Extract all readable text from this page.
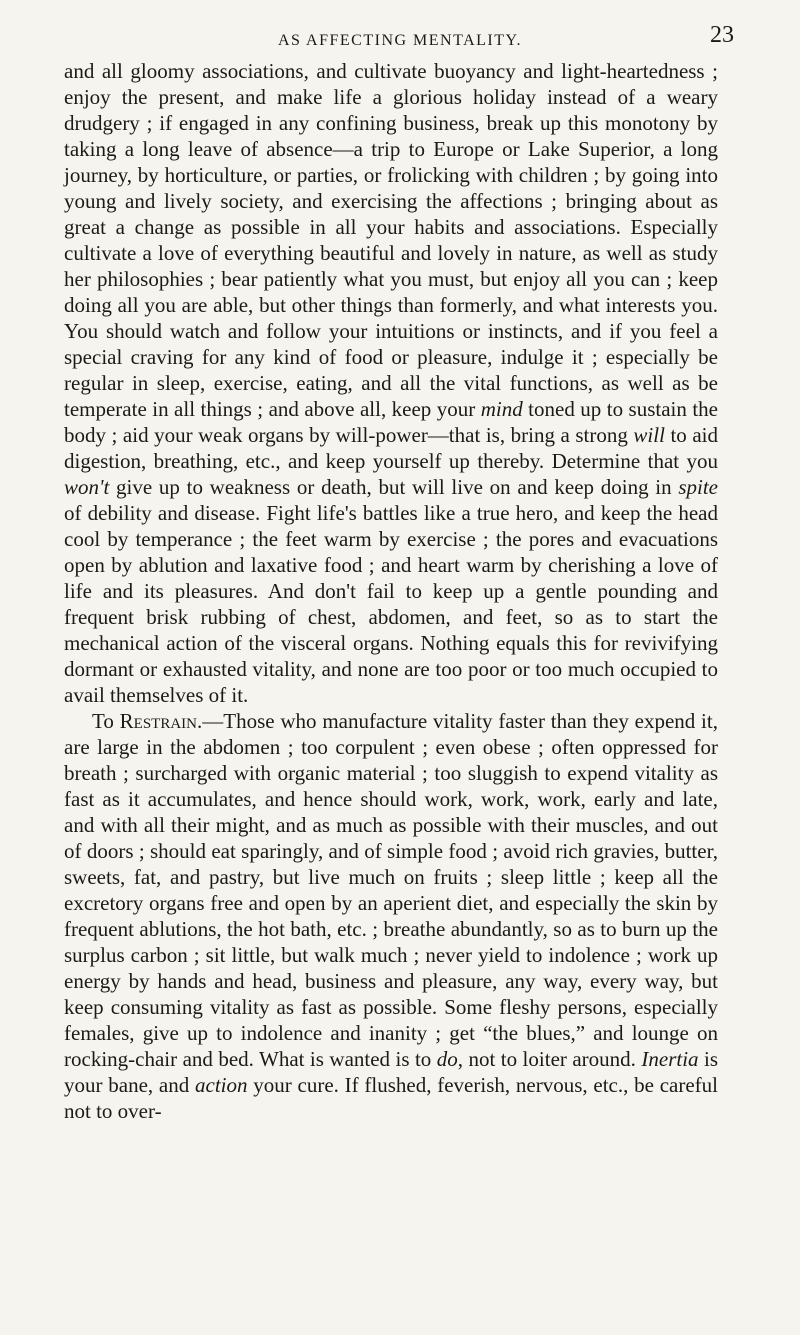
AS AFFECTING MENTALITY.	23

and all gloomy associations, and cultivate buoyancy and light-heartedness ; enjoy the present, and make life a glorious holiday instead of a weary drudgery ; if engaged in any confining business, break up this monotony by taking a long leave of absence—a trip to Europe or Lake Superior, a long journey, by horticulture, or parties, or frolicking with children ; by going into young and lively society, and exercising the affections ; bringing about as great a change as possible in all your habits and associations. Especially cultivate a love of everything beautiful and lovely in nature, as well as study her philosophies ; bear patiently what you must, but enjoy all you can ; keep doing all you are able, but other things than formerly, and what interests you. You should watch and follow your intuitions or instincts, and if you feel a special craving for any kind of food or pleasure, indulge it ; especially be regular in sleep, exercise, eating, and all the vital functions, as well as be temperate in all things ; and above all, keep your mind toned up to sustain the body ; aid your weak organs by will-power—that is, bring a strong will to aid digestion, breathing, etc., and keep yourself up thereby. Determine that you won't give up to weakness or death, but will live on and keep doing in spite of debility and disease. Fight life's battles like a true hero, and keep the head cool by temperance ; the feet warm by exercise ; the pores and evacuations open by ablution and laxative food ; and heart warm by cherishing a love of life and its pleasures. And don't fail to keep up a gentle pounding and frequent brisk rubbing of chest, abdomen, and feet, so as to start the mechanical action of the visceral organs. Nothing equals this for revivifying dormant or exhausted vitality, and none are too poor or too much occupied to avail themselves of it.

To Restrain.—Those who manufacture vitality faster than they expend it, are large in the abdomen ; too corpulent ; even obese ; often oppressed for breath ; surcharged with organic material ; too sluggish to expend vitality as fast as it accumulates, and hence should work, work, work, early and late, and with all their might, and as much as possible with their muscles, and out of doors ; should eat sparingly, and of simple food ; avoid rich gravies, butter, sweets, fat, and pastry, but live much on fruits ; sleep little ; keep all the excretory organs free and open by an aperient diet, and especially the skin by frequent ablutions, the hot bath, etc. ; breathe abundantly, so as to burn up the surplus carbon ; sit little, but walk much ; never yield to indolence ; work up energy by hands and head, business and pleasure, any way, every way, but keep consuming vitality as fast as possible. Some fleshy persons, especially females, give up to indolence and inanity ; get “the blues,” and lounge on rocking-chair and bed. What is wanted is to do, not to loiter around. Inertia is your bane, and action your cure. If flushed, feverish, nervous, etc., be careful not to over-
